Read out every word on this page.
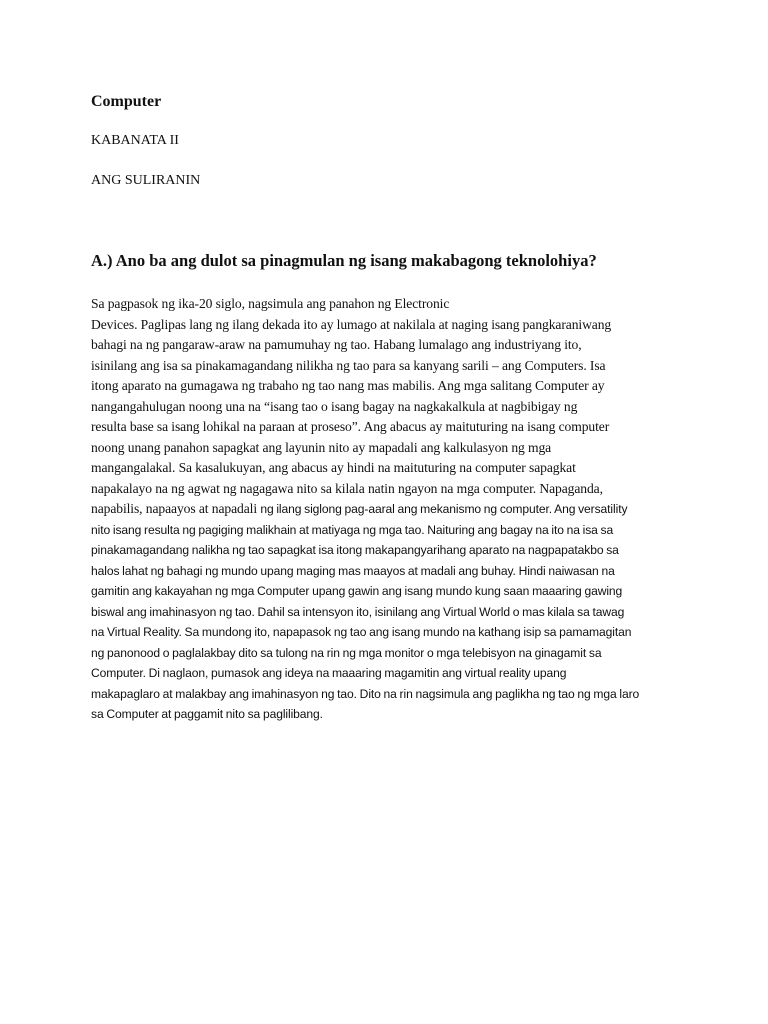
Computer

KABANATA II

ANG SULIRANIN

A.) Ano ba ang dulot sa pinagmulan ng isang makabagong teknolohiya?
Sa pagpasok ng ika-20 siglo, nagsimula ang panahon ng Electronic
Devices. Paglipas lang ng ilang dekada ito ay lumago at nakilala at naging isang pangkaraniwang
bahagi na ng pangaraw-araw na pamumuhay ng tao. Habang lumalago ang industriyang ito,
isinilang ang isa sa pinakamagandang nilikha ng tao para sa kanyang sarili – ang Computers. Isa
itong aparato na gumagawa ng trabaho ng tao nang mas mabilis. Ang mga salitang Computer ay
nangangahulugan noong una na “isang tao o isang bagay na nagkakalkula at nagbibigay ng
resulta base sa isang lohikal na paraan at proseso”. Ang abacus ay maituturing na isang computer
noong unang panahon sapagkat ang layunin nito ay mapadali ang kalkulasyon ng mga
mangangalakal. Sa kasalukuyan, ang abacus ay hindi na maituturing na computer sapagkat
napakalayo na ng agwat ng nagagawa nito sa kilala natin ngayon na mga computer. Napaganda,
napabilis, napaayos at napadali ng ilang siglong pag-aaral ang mekanismo ng computer. Ang versatility
nito isang resulta ng pagiging malikhain at matiyaga ng mga tao. Naituring ang bagay na ito na isa sa
pinakamagandang nalikha ng tao sapagkat isa itong makapangyarihang aparato na nagpapatakbo sa
halos lahat ng bahagi ng mundo upang maging mas maayos at madali ang buhay. Hindi naiwasan na
gamitin ang kakayahan ng mga Computer upang gawin ang isang mundo kung saan maaaring gawing
biswal ang imahinasyon ng tao. Dahil sa intensyon ito, isinilang ang Virtual World o mas kilala sa tawag
na Virtual Reality. Sa mundong ito, napapasok ng tao ang isang mundo na kathang isip sa pamamagitan
ng panonood o paglalakbay dito sa tulong na rin ng mga monitor o mga telebisyon na ginagamit sa
Computer. Di naglaon, pumasok ang ideya na maaaring magamitin ang virtual reality upang
makapaglaro at malakbay ang imahinasyon ng tao. Dito na rin nagsimula ang paglikha ng tao ng mga laro
sa Computer at paggamit nito sa paglilibang.
